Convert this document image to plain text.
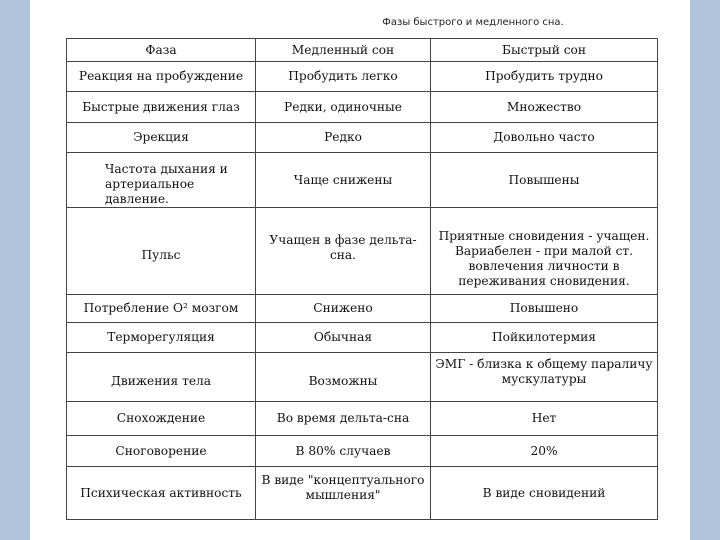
Фазы быстрого и медленного сна.
Фаза	Медленный сон	Быстрый сон
Реакция на пробуждение	Пробудить легко	Пробудить трудно
Быстрые движения глаз	Редки, одиночные	Множество
Эрекция	Редко	Довольно часто
Частота дыхания и артериальное давление.	Чаще снижены	Повышены
Пульс	Учащен в фазе дельта-сна.	Приятные сновидения - учащен. Вариабелен - при малой ст. вовлечения личности в переживания сновидения.
Потребление O² мозгом	Снижено	Повышено
Терморегуляция	Обычная	Пойкилотермия
Движения тела	Возможны	ЭМГ - близка к общему параличу мускулатуры
Снохождение	Во время дельта-сна	Нет
Сноговорение	В 80% случаев	20%
Психическая активность	В виде "концептуального мышления"	В виде сновидений
